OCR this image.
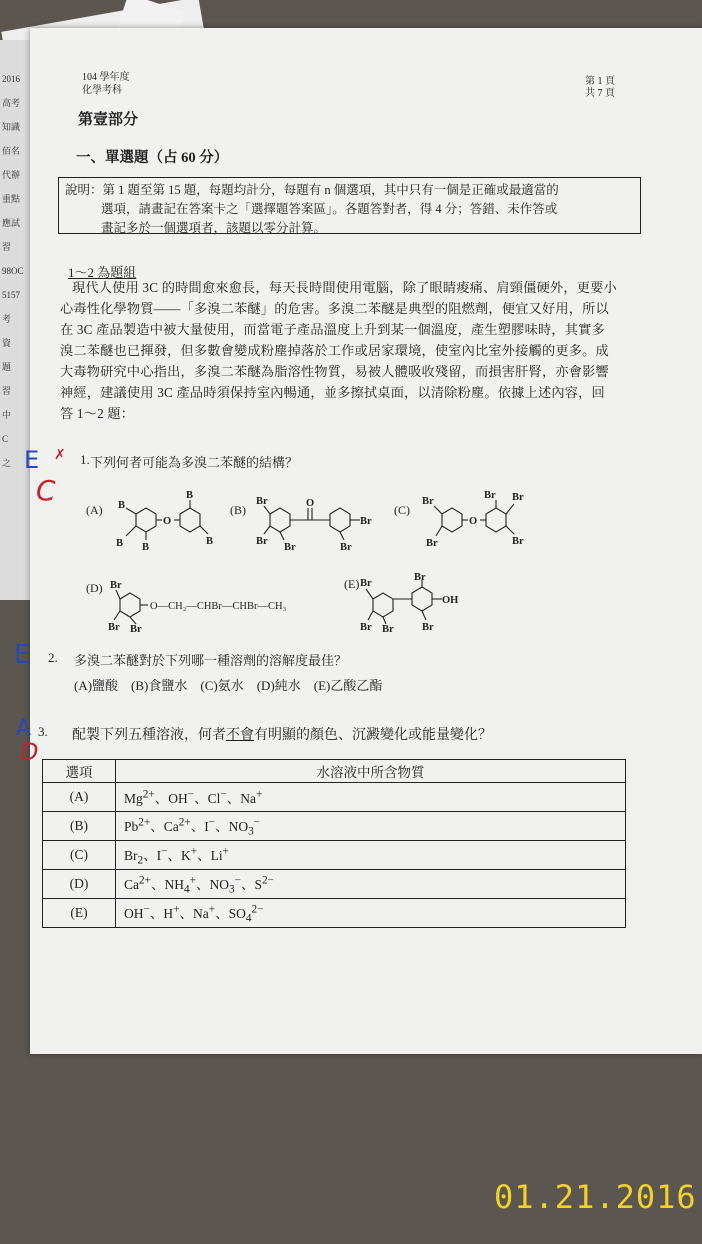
2016
高考
知識
佰名
代辦
重點
應試
習
98OC
5157
考
資
題
習
中
C
之
104 學年度
化學考科
第 1 頁
共 7 頁
第壹部分
一、單選題（占 60 分）
說明：第 1 題至第 15 題，每題均計分，每題有 n 個選項，其中只有一個是正確或最適當的
選項，請畫記在答案卡之「選擇題答案區」。各題答對者，得 4 分；答錯、未作答或
畫記多於一個選項者，該題以零分計算。
1～2 為題組
現代人使用 3C 的時間愈來愈長，每天長時間使用電腦，除了眼睛痠痛、肩頸僵硬外，更要小
心毒性化學物質——「多溴二苯醚」的危害。多溴二苯醚是典型的阻燃劑，便宜又好用，所以
在 3C 產品製造中被大量使用，而當電子產品溫度上升到某一個溫度，產生塑膠味時，其實多
溴二苯醚也已揮發，但多數會變成粉塵掉落於工作或居家環境，使室內比室外接觸的更多。成
大毒物研究中心指出，多溴二苯醚為脂溶性物質，易被人體吸收殘留，而損害肝腎，亦會影響
神經，建議使用 3C 產品時須保持室內暢通，並多擦拭桌面，以清除粉塵。依據上述內容，回
答 1～2 題：
1. 下列何者可能為多溴二苯醚的結構？
(A)	(B)	(C)
(D)	(E)
B
B B
B
B
O
Br
Br
Br
O
Br
Br
Br
Br
O
Br Br
Br
Br
Br Br
Br
Br Br
Br
OH
Br
O—CH₂—CHBr—CHBr—CH₃
2. 多溴二苯醚對於下列哪一種溶劑的溶解度最佳？
(A)鹽酸　(B)食鹽水　(C)氨水　(D)純水　(E)乙酸乙酯
3. 配製下列五種溶液，何者不會有明顯的顏色、沉澱變化或能量變化？
選項	水溶液中所含物質
(A)	$Mg^{2+}$、OH−、Cl−、Na+
(B)	$Pb^{2+}$、$Ca^{2+}$、I−、$NO_3^-$
(C)	$Br_2$、I−、K+、Li+
(D)	$Ca^{2+}$、$NH_4^+$、$NO_3^-$、$S^{2-}$
(E)	OH−、H+、Na+、$SO_4^{2-}$
E ✗
C
E
A
D
01.21.2016
